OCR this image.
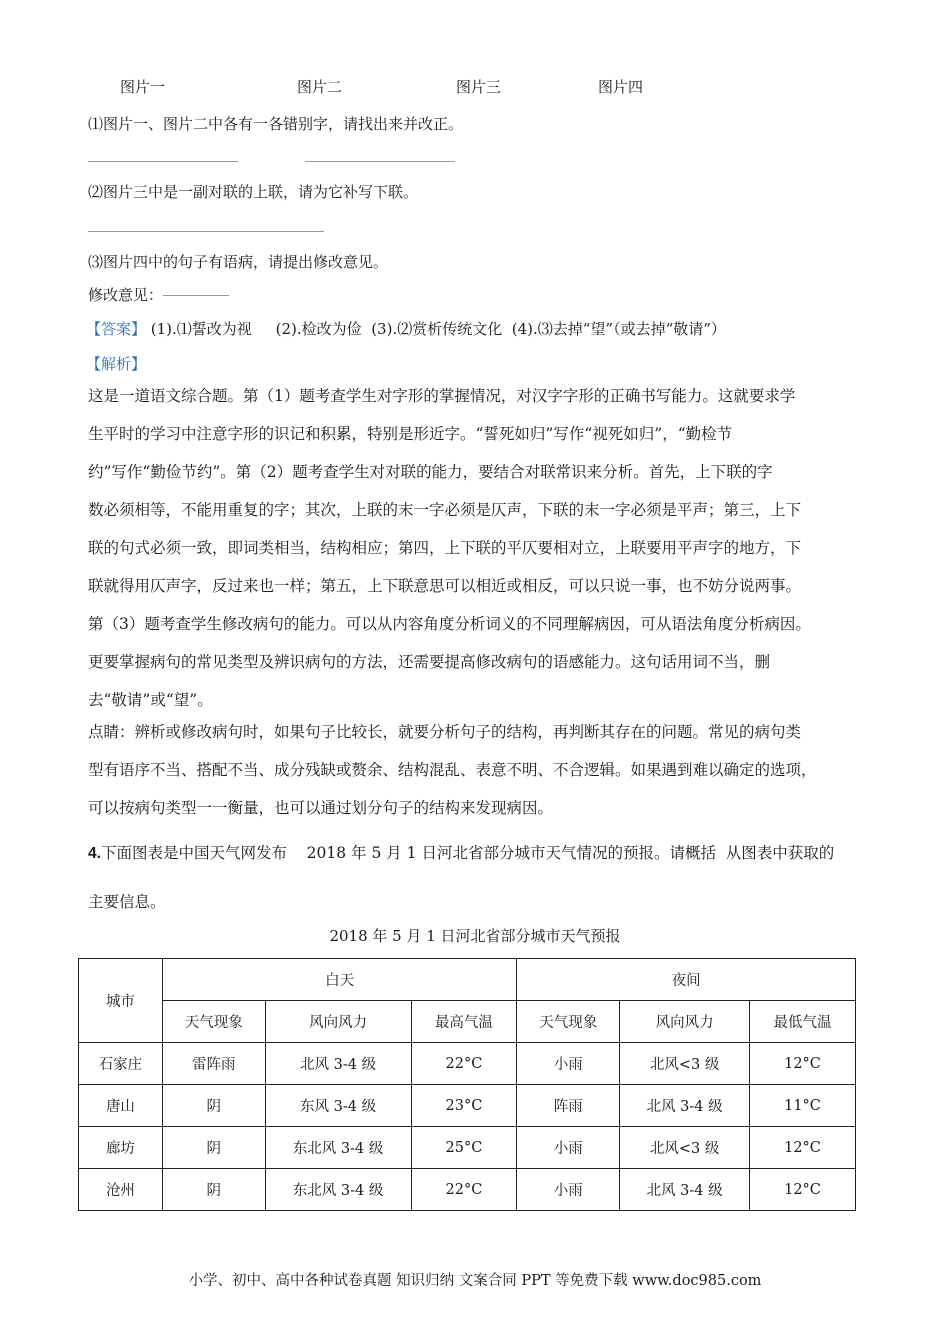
图片一	图片二	图片三	图片四
⑴图片一、图片二中各有一各错别字，请找出来并改正。
⑵图片三中是一副对联的上联，请为它补写下联。
⑶图片四中的句子有语病，请提出修改意见。
修改意见：
【答案】 (1).⑴誓改为视     (2).检改为俭  (3).⑵赏析传统文化  (4).⑶去掉“望”（或去掉“敬请”）
【解析】

这是一道语文综合题。第（1）题考查学生对字形的掌握情况，对汉字字形的正确书写能力。这就要求学

生平时的学习中注意字形的识记和积累，特别是形近字。“誓死如归”写作“视死如归”，“勤检节

约”写作“勤俭节约”。第（2）题考查学生对对联的能力，要结合对联常识来分析。首先，上下联的字

数必须相等，不能用重复的字；其次，上联的末一字必须是仄声，下联的末一字必须是平声；第三，上下

联的句式必须一致，即词类相当，结构相应；第四，上下联的平仄要相对立，上联要用平声字的地方，下

联就得用仄声字，反过来也一样；第五，上下联意思可以相近或相反，可以只说一事，也不妨分说两事。

第（3）题考查学生修改病句的能力。可以从内容角度分析词义的不同理解病因，可从语法角度分析病因。

更要掌握病句的常见类型及辨识病句的方法，还需要提高修改病句的语感能力。这句话用词不当，删

去“敬请”或“望”。

点睛：辨析或修改病句时，如果句子比较长，就要分析句子的结构，再判断其存在的问题。常见的病句类

型有语序不当、搭配不当、成分残缺或赘余、结构混乱、表意不明、不合逻辑。如果遇到难以确定的选项，

可以按病句类型一一衡量，也可以通过划分句子的结构来发现病因。

4.下面图表是中国天气网发布    2018 年 5 月 1 日河北省部分城市天气情况的预报。请概括  从图表中获取的
主要信息。
2018 年 5 月 1 日河北省部分城市天气预报
城市	白天			夜间		
	天气现象	风向风力	最高气温	天气现象	风向风力	最低气温
石家庄	雷阵雨	北风 3-4 级	22°C	小雨	北风<3 级	12°C
唐山	阴	东风 3-4 级	23°C	阵雨	北风 3-4 级	11°C
廊坊	阴	东北风 3-4 级	25°C	小雨	北风<3 级	12°C
沧州	阴	东北风 3-4 级	22°C	小雨	北风 3-4 级	12°C
小学、初中、高中各种试卷真题 知识归纳 文案合同 PPT 等免费下载 www.doc985.com
